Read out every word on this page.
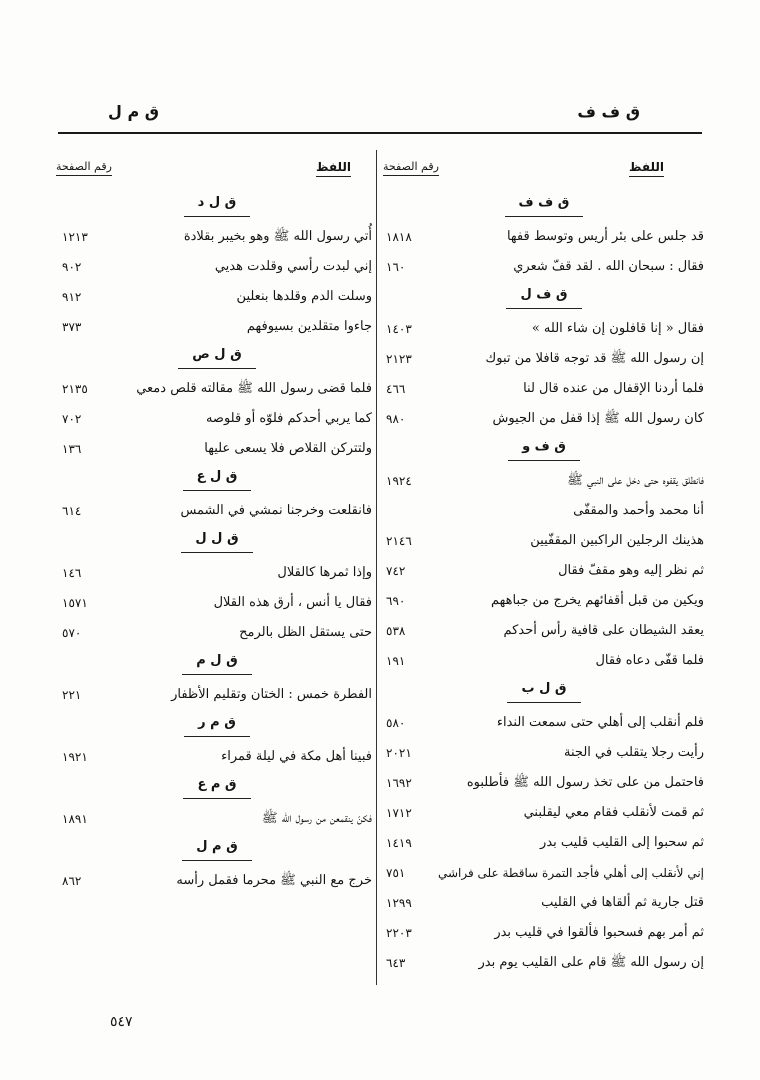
ق ف ف
ق م ل
اللفظ
رقم الصفحة
اللفظ
رقم الصفحة
ق ف ف
قد جلس على بئر أريس وتوسط قفها
١٨١٨
فقال : سبحان الله . لقد قفّ شعري
١٦٠
ق ف ل
فقال « إنا قافلون إن شاء الله »
١٤٠٣
إن رسول الله ﷺ قد توجه قافلا من تبوك
٢١٢٣
فلما أردنا الإقفال من عنده قال لنا
٤٦٦
كان رسول الله ﷺ إذا قفل من الجيوش
٩٨٠
ق ف و
فانطلق يقفوه حتى دخل على النبي ﷺ
١٩٢٤
أنا محمد وأحمد والمقفّى
هذينك الرجلين الراكبين المقفّيين
٢١٤٦
ثم نظر إليه وهو مقفّ فقال
٧٤٢
ويكين من قبل أقفائهم يخرج من جباههم
٦٩٠
يعقد الشيطان على قافية رأس أحدكم
٥٣٨
فلما قفّى دعاه فقال
١٩١
ق ل ب
فلم أنقلب إلى أهلي حتى سمعت النداء
٥٨٠
رأيت رجلا يتقلب في الجنة
٢٠٢١
فاحتمل من على تخذ رسول الله ﷺ فأطلبوه
١٦٩٢
ثم قمت لأنقلب فقام معي ليقلبني
١٧١٢
ثم سحبوا إلى القليب قليب بدر
١٤١٩
إني لأنقلب إلى أهلي فأجد التمرة ساقطة على فراشي
٧٥١
قتل جارية ثم ألقاها في القليب
١٢٩٩
ثم أمر بهم فسحبوا فألقوا في قليب بدر
٢٢٠٣
إن رسول الله ﷺ قام على القليب يوم بدر
٦٤٣
ق ل د
أُتي رسول الله ﷺ وهو بخيبر بقلادة
١٢١٣
إني لبدت رأسي وقلدت هديي
٩٠٢
وسلت الدم وقلدها بنعلين
٩١٢
جاءوا متقلدين بسيوفهم
٣٧٣
ق ل ص
فلما قضى رسول الله ﷺ مقالته قلص دمعي
٢١٣٥
كما يربي أحدكم فلوّه أو قلوصه
٧٠٢
ولتتركن القلاص فلا يسعى عليها
١٣٦
ق ل ع
فانقلعت وخرجنا نمشي في الشمس
٦١٤
ق ل ل
وإذا ثمرها كالقلال
١٤٦
فقال يا أنس ، أرق هذه القلال
١٥٧١
حتى يستقل الظل بالرمح
٥٧٠
ق ل م
الفطرة خمس : الختان وتقليم الأظفار
٢٢١
ق م ر
فبينا أهل مكة في ليلة قمراء
١٩٢١
ق م ع
فكنّ ينقمعن من رسول الله ﷺ
١٨٩١
ق م ل
خرج مع النبي ﷺ محرما فقمل رأسه
٨٦٢
٥٤٧
